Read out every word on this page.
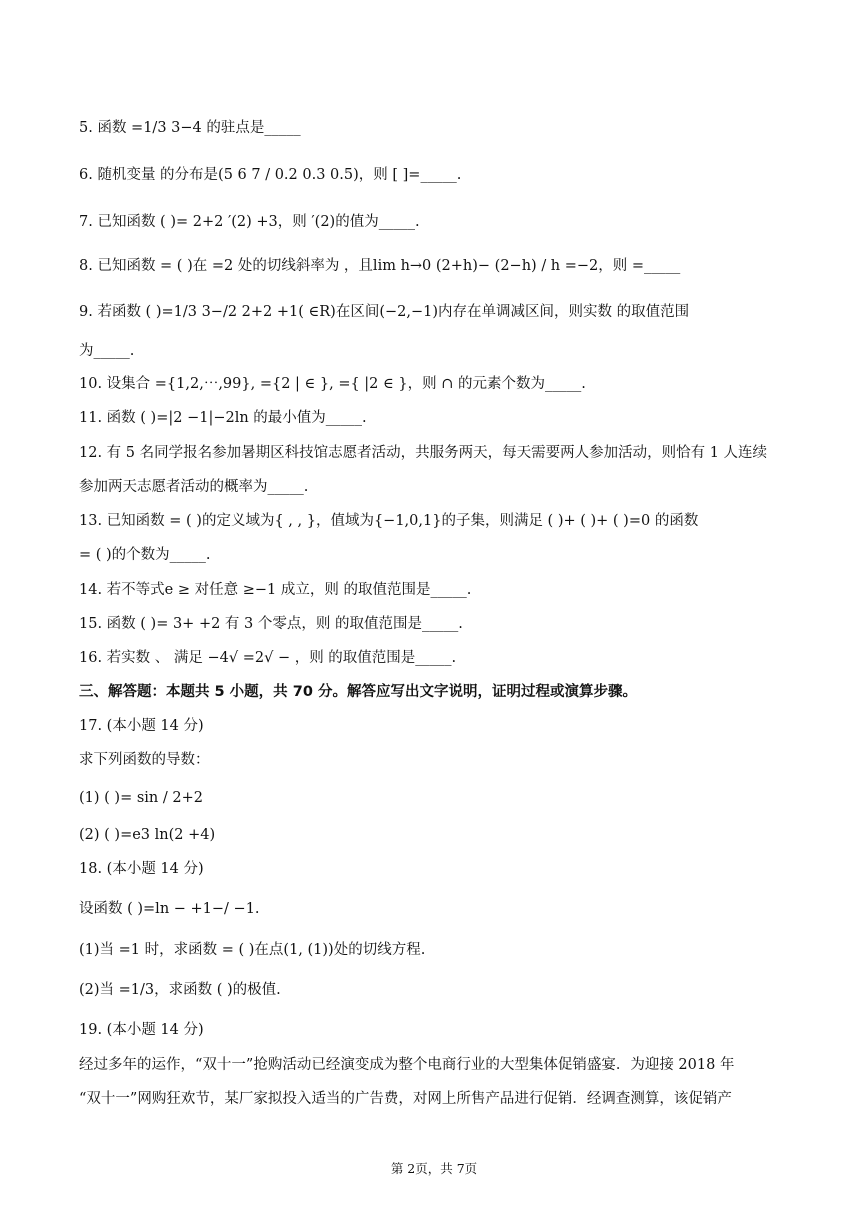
5. 函数 =1/3 3−4 的驻点是_____
6. 随机变量 的分布是(5 6 7 / 0.2 0.3 0.5)，则 [ ]=_____.
7. 已知函数 ( )= 2+2 ′(2) +3，则 ′(2)的值为_____.
8. 已知函数 = ( )在 =2 处的切线斜率为 ，且lim h→0 (2+h)− (2−h) / h =−2，则 =_____
9. 若函数 ( )=1/3 3−/2 2+2 +1( ∈R)在区间(−2,−1)内存在单调减区间，则实数 的取值范围
为_____.
10. 设集合 ={1,2,⋯,99}, ={2 | ∈ }, ={ |2 ∈ }，则 ∩ 的元素个数为_____.
11. 函数 ( )=|2 −1|−2ln 的最小值为_____.
12. 有 5 名同学报名参加暑期区科技馆志愿者活动，共服务两天，每天需要两人参加活动，则恰有 1 人连续
参加两天志愿者活动的概率为_____.
13. 已知函数 = ( )的定义域为{ , , }，值域为{−1,0,1}的子集，则满足 ( )+ ( )+ ( )=0 的函数
= ( )的个数为_____.
14. 若不等式e ≥ 对任意 ≥−1 成立，则 的取值范围是_____.
15. 函数 ( )= 3+ +2 有 3 个零点，则 的取值范围是_____.
16. 若实数 、 满足 −4√ =2√ − ，则 的取值范围是_____.
三、解答题：本题共 5 小题，共 70 分。解答应写出文字说明，证明过程或演算步骤。
17. (本小题 14 分)
求下列函数的导数：
(1) ( )= sin / 2+2
(2) ( )=e3 ln(2 +4)
18. (本小题 14 分)
设函数 ( )=ln − +1−/ −1.
(1)当 =1 时，求函数 = ( )在点(1, (1))处的切线方程.
(2)当 =1/3，求函数 ( )的极值.
19. (本小题 14 分)
经过多年的运作，“双十一”抢购活动已经演变成为整个电商行业的大型集体促销盛宴．为迎接 2018 年
“双十一”网购狂欢节，某厂家拟投入适当的广告费，对网上所售产品进行促销．经调查测算，该促销产
第 2页，共 7页
